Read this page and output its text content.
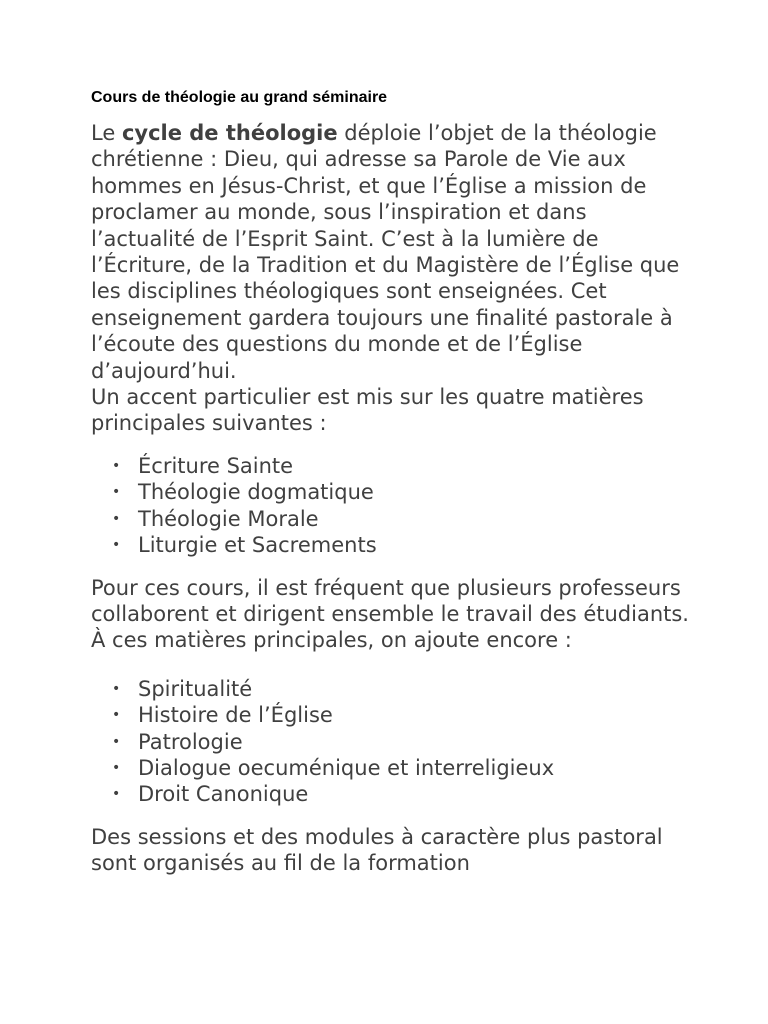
Cours de théologie au grand séminaire

Le cycle de théologie déploie l’objet de la théologie chrétienne : Dieu, qui adresse sa Parole de Vie aux hommes en Jésus-Christ, et que l’Église a mission de proclamer au monde, sous l’inspiration et dans l’actualité de l’Esprit Saint. C’est à la lumière de l’Écriture, de la Tradition et du Magistère de l’Église que les disciplines théologiques sont enseignées. Cet enseignement gardera toujours une finalité pastorale à l’écoute des questions du monde et de l’Église d’aujourd’hui.

Un accent particulier est mis sur les quatre matières principales suivantes :

• Écriture Sainte
• Théologie dogmatique
• Théologie Morale
• Liturgie et Sacrements

Pour ces cours, il est fréquent que plusieurs professeurs collaborent et dirigent ensemble le travail des étudiants. À ces matières principales, on ajoute encore :

• Spiritualité
• Histoire de l’Église
• Patrologie
• Dialogue oecuménique et interreligieux
• Droit Canonique

Des sessions et des modules à caractère plus pastoral sont organisés au fil de la formation
